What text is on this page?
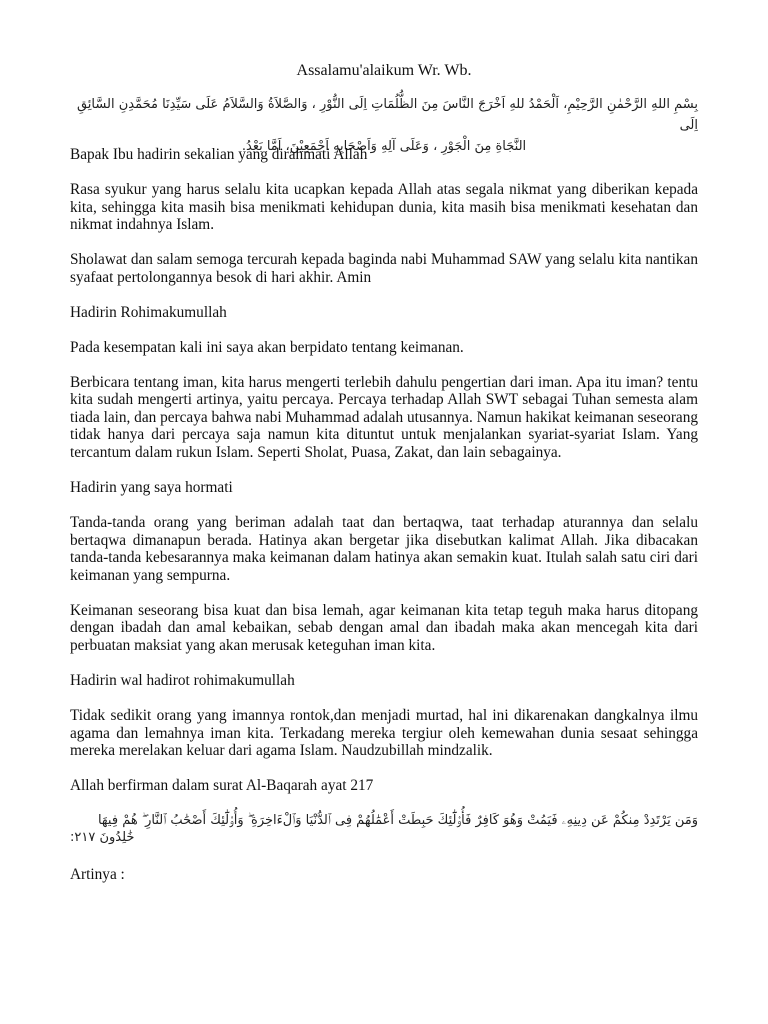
Assalamu'alaikum Wr. Wb.
بِسْمِ اللهِ الرَّحْمٰنِ الرَّحِيْمِ، اَلْحَمْدُ للهِ اَخْرَجَ النَّاسَ مِنَ الظُّلُمَاتِ اِلَى النُّوْرِ ، وَالصَّلاَةُ وَالسَّلاَمُ عَلَى سَيِّدِنَا مُحَمَّدِنِ السَّائِقِ اِلَى
النَّجَاةِ مِنَ الْجَوْرِ ، وَعَلَى آلِهِ وَاَصْحَابِهِ اَجْمَعِيْنَ، اَمَّا بَعْدُ.

Bapak Ibu hadirin sekalian yang dirahmati Allah

Rasa syukur yang harus selalu kita ucapkan kepada Allah atas segala nikmat yang diberikan kepada kita, sehingga kita masih bisa menikmati kehidupan dunia, kita masih bisa menikmati kesehatan dan nikmat indahnya Islam.

Sholawat dan salam semoga tercurah kepada baginda nabi Muhammad SAW yang selalu kita nantikan syafaat pertolongannya besok di hari akhir. Amin

Hadirin Rohimakumullah

Pada kesempatan kali ini saya akan berpidato tentang keimanan.

Berbicara tentang iman, kita harus mengerti terlebih dahulu pengertian dari iman. Apa itu iman? tentu kita sudah mengerti artinya, yaitu percaya. Percaya terhadap Allah SWT sebagai Tuhan semesta alam tiada lain, dan percaya bahwa nabi Muhammad adalah utusannya. Namun hakikat keimanan seseorang tidak hanya dari percaya saja namun kita dituntut untuk menjalankan syariat-syariat Islam. Yang tercantum dalam rukun Islam. Seperti Sholat, Puasa, Zakat, dan lain sebagainya.

Hadirin yang saya hormati

Tanda-tanda orang yang beriman adalah taat dan bertaqwa, taat terhadap aturannya dan selalu bertaqwa dimanapun berada. Hatinya akan bergetar jika disebutkan kalimat Allah. Jika dibacakan tanda-tanda kebesarannya maka keimanan dalam hatinya akan semakin kuat. Itulah salah satu ciri dari keimanan yang sempurna.

Keimanan seseorang bisa kuat dan bisa lemah, agar keimanan kita tetap teguh maka harus ditopang dengan ibadah dan amal kebaikan, sebab dengan amal dan ibadah maka akan mencegah kita dari perbuatan maksiat yang akan merusak keteguhan iman kita.

Hadirin wal hadirot rohimakumullah

Tidak sedikit orang yang imannya rontok,dan menjadi murtad, hal ini dikarenakan dangkalnya ilmu agama dan lemahnya iman kita. Terkadang mereka tergiur oleh kemewahan dunia sesaat sehingga mereka merelakan keluar dari agama Islam. Naudzubillah mindzalik.

Allah berfirman dalam surat Al-Baqarah ayat 217

وَمَن يَرْتَدِدْ مِنكُمْ عَن دِينِهِۦ فَيَمُتْ وَهُوَ كَافِرٌ فَأُو۟لَٰٓئِكَ حَبِطَتْ أَعْمَٰلُهُمْ فِى ٱلدُّنْيَا وَٱلْءَاخِرَةِ ۖ وَأُو۟لَٰٓئِكَ أَصْحَٰبُ ٱلنَّارِ ۖ هُمْ فِيهَا
خَٰلِدُونَ ٢١٧:

Artinya :
